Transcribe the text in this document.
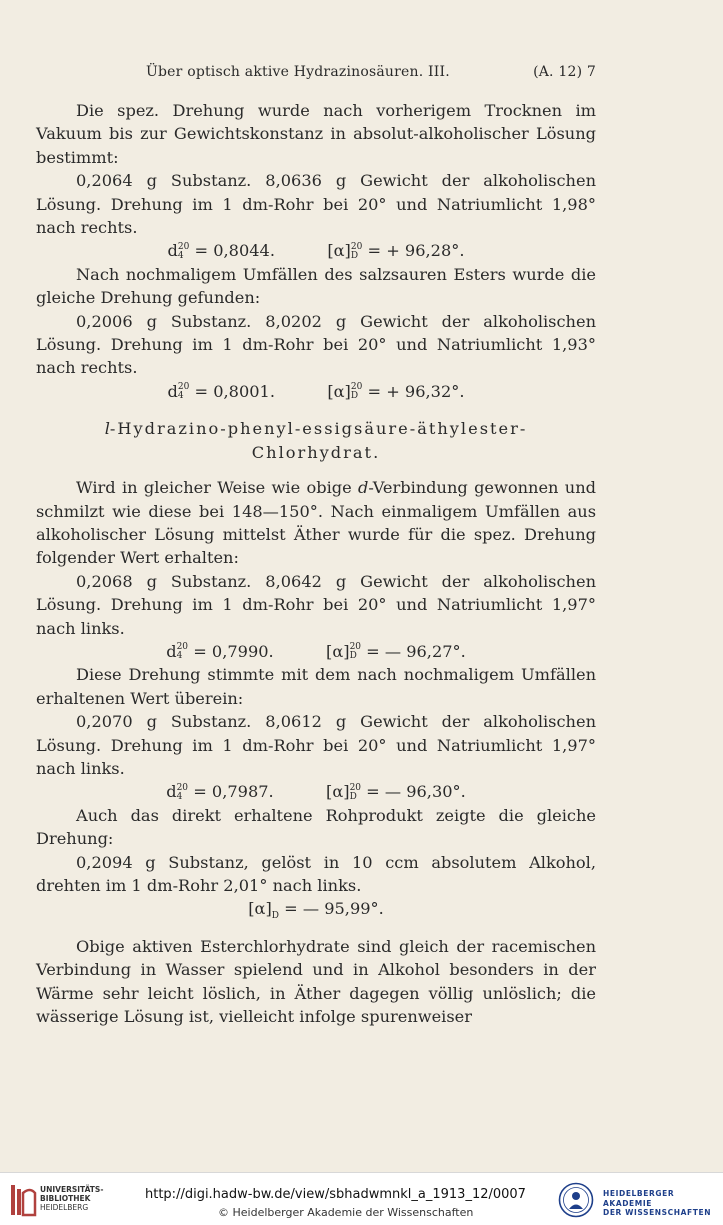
Über optisch aktive Hydrazinosäuren. III.	(A. 12) 7

Die spez. Drehung wurde nach vorherigem Trocknen im Vakuum bis zur Gewichtskonstanz in absolut-alkoholischer Lösung bestimmt:

0,2064 g Substanz. 8,0636 g Gewicht der alkoholischen Lösung. Drehung im 1 dm-Rohr bei 20° und Natriumlicht 1,98° nach rechts.

d20
4 = 0,8044.	[α]20
D = + 96,28°.

Nach nochmaligem Umfällen des salzsauren Esters wurde die gleiche Drehung gefunden:

0,2006 g Substanz. 8,0202 g Gewicht der alkoholischen Lösung. Drehung im 1 dm-Rohr bei 20° und Natriumlicht 1,93° nach rechts.

d20
4 = 0,8001.	[α]20
D = + 96,32°.

l-Hydrazino-phenyl-essigsäure-äthylester-
Chlorhydrat.

Wird in gleicher Weise wie obige d-Verbindung gewonnen und schmilzt wie diese bei 148—150°. Nach einmaligem Umfällen aus alkoholischer Lösung mittelst Äther wurde für die spez. Drehung folgender Wert erhalten:

0,2068 g Substanz. 8,0642 g Gewicht der alkoholischen Lösung. Drehung im 1 dm-Rohr bei 20° und Natriumlicht 1,97° nach links.

d20
4 = 0,7990.	[α]20
D = — 96,27°.

Diese Drehung stimmte mit dem nach nochmaligem Umfällen erhaltenen Wert überein:

0,2070 g Substanz. 8,0612 g Gewicht der alkoholischen Lösung. Drehung im 1 dm-Rohr bei 20° und Natriumlicht 1,97° nach links.

d20
4 = 0,7987.	[α]20
D = — 96,30°.

Auch das direkt erhaltene Rohprodukt zeigte die gleiche Drehung:

0,2094 g Substanz, gelöst in 10 ccm absolutem Alkohol, drehten im 1 dm-Rohr 2,01° nach links.

$[\alpha]_D$ = — 95,99°.

Obige aktiven Esterchlorhydrate sind gleich der racemischen Verbindung in Wasser spielend und in Alkohol besonders in der Wärme sehr leicht löslich, in Äther dagegen völlig unlöslich; die wässerige Lösung ist, vielleicht infolge spurenweiser

UNIVERSITÄTS-
BIBLIOTHEK
HEIDELBERG
http://digi.hadw-bw.de/view/sbhadwmnkl_a_1913_12/0007
© Heidelberger Akademie der Wissenschaften
HEIDELBERGER AKADEMIE
DER WISSENSCHAFTEN
